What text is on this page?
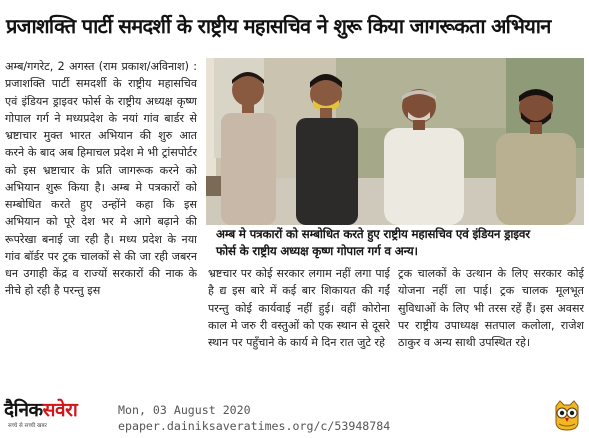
प्रजाशक्ति पार्टी समदर्शी के राष्ट्रीय महासचिव ने शुरू किया जागरूकता अभियान

अम्ब/गगरेट, 2 अगस्त (राम प्रकाश/अविनाश) : प्रजाशक्ति पार्टी समदर्शी के राष्ट्रीय महासचिव एवं इंडियन ड्राइवर फोर्स के राष्ट्रीय अध्यक्ष कृष्ण गोपाल गर्ग ने मध्यप्रदेश के नयां गांव बार्डर से भ्रष्टाचार मुक्त भारत अभियान की शुरु आत करने के बाद अब हिमाचल प्रदेश मे भी ट्रांसपोर्टर को इस भ्रष्टाचार के प्रति जागरूक करने को अभियान शुरू किया है। अम्ब मे पत्रकारों को सम्बोधित करते हुए उन्होंने कहा कि इस अभियान को पूरे देश भर मे आगे बढ़ाने की रूपरेखा बनाई जा रही है। मध्य प्रदेश के नया गांव बॉर्डर पर ट्रक चालकों से की जा रही जबरन धन उगाही केंद्र व राज्यों सरकारों की नाक के नीचे हो रही है परन्तु इस

अम्ब मे पत्रकारों को सम्बोधित करते हुए राष्ट्रीय महासचिव एवं इंडियन ड्राइवर

फोर्स के राष्ट्रीय अध्यक्ष कृष्ण गोपाल गर्ग व अन्य।

भ्रष्टचार पर कोई सरकार लगाम नहीं लगा पाई है द्य इस बारे में कई बार शिकायत की गईं परन्तु कोई कार्यवाई नहीं हुई। वहीं कोरोना काल मे जरु री वस्तुओं को एक स्थान से दूसरे स्थान पर पहुँचाने के कार्य मे दिन रात जुटे रहे

ट्रक चालकों के उत्थान के लिए सरकार कोई योजना नहीं ला पाई। ट्रक चालक मूलभूत सुविधाओं के लिए भी तरस रहें हैं। इस अवसर पर राष्ट्रीय उपाध्यक्ष सतपाल कलोला, राजेश ठाकुर व अन्य साथी उपस्थित रहे।

दैनिकसवेरा
सच्चे से सच्ची खबर
Mon, 03 August 2020
epaper.dainiksaveratimes.org/c/53948784
